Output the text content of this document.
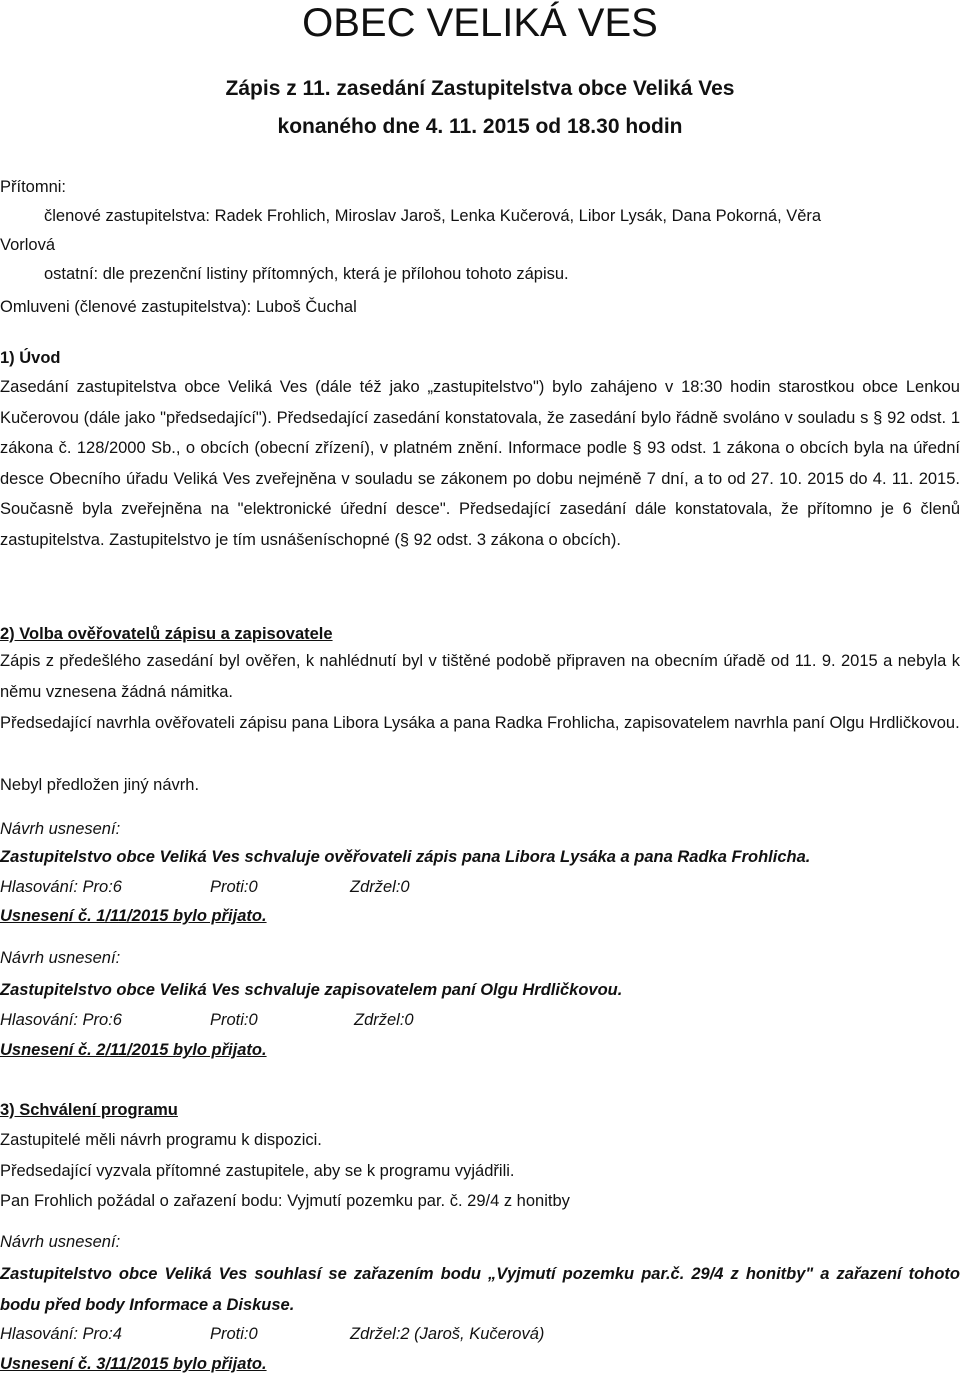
OBEC VELIKÁ VES

Zápis z 11. zasedání Zastupitelstva obce Veliká Ves

konaného dne 4. 11. 2015 od 18.30 hodin

Přítomni:

členové zastupitelstva: Radek Frohlich, Miroslav Jaroš, Lenka Kučerová, Libor Lysák, Dana Pokorná, Věra

Vorlová

ostatní: dle prezenční listiny přítomných, která je přílohou tohoto zápisu.

Omluveni (členové zastupitelstva): Luboš Čuchal

1) Úvod

Zasedání zastupitelstva obce Veliká Ves (dále též jako „zastupitelstvo") bylo zahájeno v 18:30 hodin starostkou obce Lenkou Kučerovou (dále jako "předsedající"). Předsedající zasedání konstatovala, že zasedání bylo řádně svoláno v souladu s § 92 odst. 1 zákona č. 128/2000 Sb., o obcích (obecní zřízení), v platném znění. Informace podle § 93 odst. 1 zákona o obcích byla na úřední desce Obecního úřadu Veliká Ves zveřejněna v souladu se zákonem po dobu nejméně 7 dní, a to od 27. 10. 2015 do 4. 11. 2015. Současně byla zveřejněna na "elektronické úřední desce". Předsedající zasedání dále konstatovala, že přítomno je 6 členů zastupitelstva. Zastupitelstvo je tím usnášeníschopné (§ 92 odst. 3 zákona o obcích).

2) Volba ověřovatelů zápisu a zapisovatele

Zápis z předešlého zasedání byl ověřen, k nahlédnutí byl v tištěné podobě připraven na obecním úřadě od 11. 9. 2015 a nebyla k němu vznesena žádná námitka.

Předsedající navrhla ověřovateli zápisu pana Libora Lysáka a pana Radka Frohlicha, zapisovatelem navrhla paní Olgu Hrdličkovou.

Nebyl předložen jiný návrh.

Návrh usnesení:

Zastupitelstvo obce Veliká Ves schvaluje ověřovateli zápis pana Libora Lysáka a pana Radka Frohlicha.

Hlasování: Pro:6	Proti:0	Zdržel:0

Usnesení č. 1/11/2015 bylo přijato.

Návrh usnesení:

Zastupitelstvo obce Veliká Ves schvaluje zapisovatelem paní Olgu Hrdličkovou.

Hlasování: Pro:6	Proti:0	Zdržel:0

Usnesení č. 2/11/2015 bylo přijato.

3) Schválení programu

Zastupitelé měli návrh programu k dispozici.

Předsedající vyzvala přítomné zastupitele, aby se k programu vyjádřili.

Pan Frohlich požádal o zařazení bodu: Vyjmutí pozemku par. č. 29/4 z honitby

Návrh usnesení:

Zastupitelstvo obce Veliká Ves souhlasí se zařazením bodu „Vyjmutí pozemku par.č. 29/4 z honitby" a zařazení tohoto bodu před body Informace a Diskuse.

Hlasování: Pro:4	Proti:0	Zdržel:2 (Jaroš, Kučerová)

Usnesení č. 3/11/2015 bylo přijato.
